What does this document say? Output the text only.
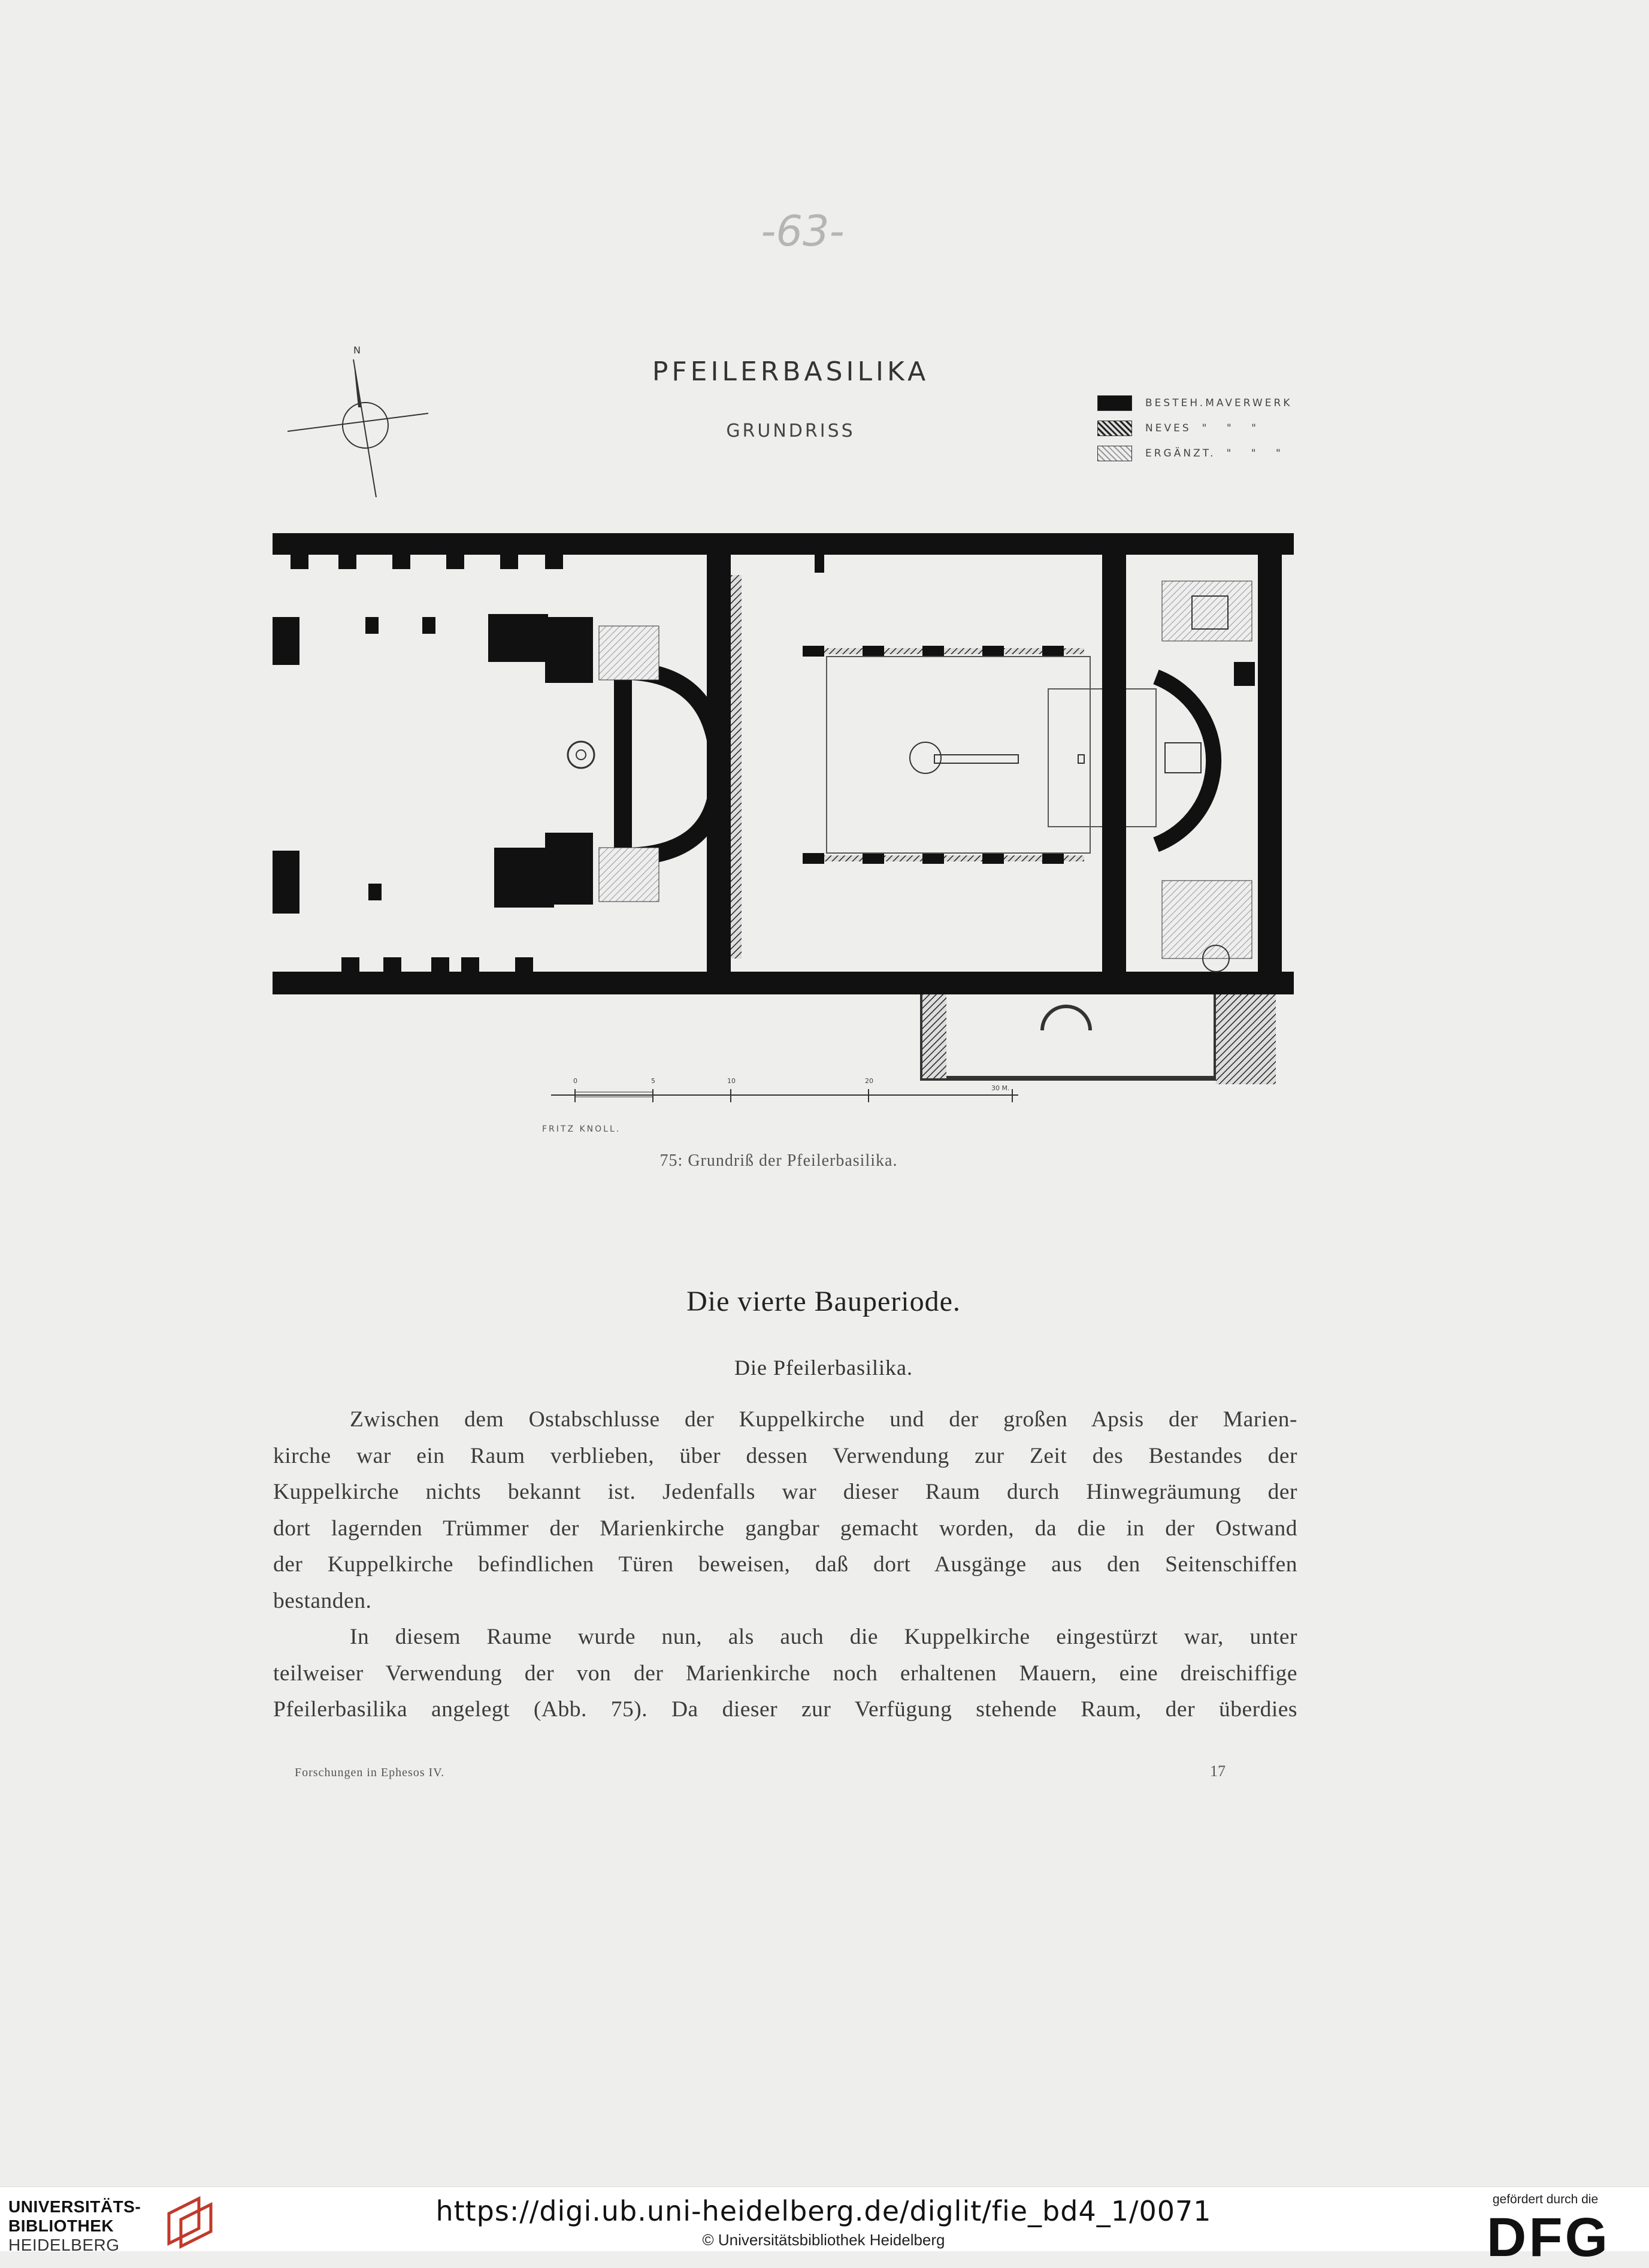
-63-
N
PFEILERBASILIKA
GRUNDRISS
BESTEH.MAVERWERK
NEVES " " "
ERGÄNZT. " " "
0	5	10	20
30 M.
FRITZ KNOLL.
75: Grundriß der Pfeilerbasilika.
Die vierte Bauperiode.
Die Pfeilerbasilika.
Zwischen dem Ostabschlusse der Kuppelkirche und der großen Apsis der Marien-
kirche war ein Raum verblieben, über dessen Verwendung zur Zeit des Bestandes der
Kuppelkirche nichts bekannt ist. Jedenfalls war dieser Raum durch Hinwegräumung der
dort lagernden Trümmer der Marienkirche gangbar gemacht worden, da die in der Ostwand
der Kuppelkirche befindlichen Türen beweisen, daß dort Ausgänge aus den Seitenschiffen
bestanden.
In diesem Raume wurde nun, als auch die Kuppelkirche eingestürzt war, unter
teilweiser Verwendung der von der Marienkirche noch erhaltenen Mauern, eine dreischiffige
Pfeilerbasilika angelegt (Abb. 75). Da dieser zur Verfügung stehende Raum, der überdies
Forschungen in Ephesos IV.	17
UNIVERSITÄTS-
BIBLIOTHEK
HEIDELBERG
https://digi.ub.uni-heidelberg.de/diglit/fie_bd4_1/0071
© Universitätsbibliothek Heidelberg
gefördert durch die
DFG
